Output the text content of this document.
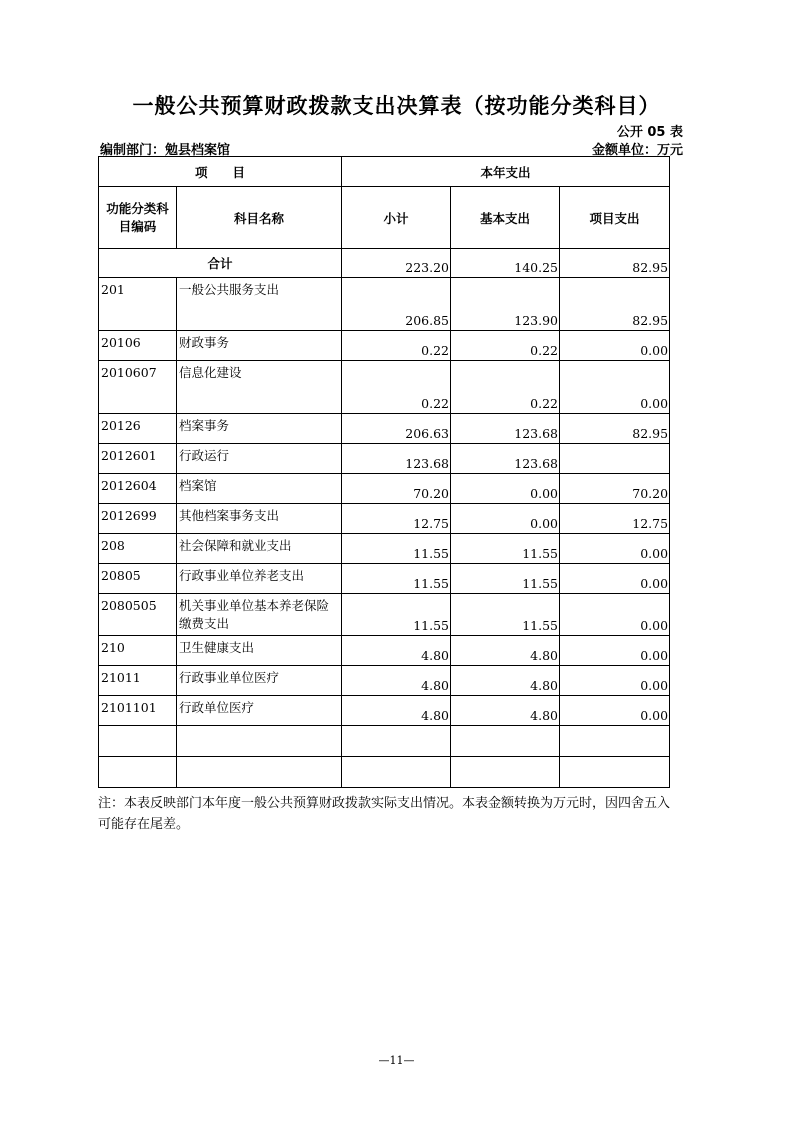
一般公共预算财政拨款支出决算表（按功能分类科目）
公开 05 表
编制部门：勉县档案馆	金额单位：万元
项　　目		本年支出		
功能分类科目编码	科目名称	小计	基本支出	项目支出
合计		223.20	140.25	82.95
201	一般公共服务支出	206.85	123.90	82.95
20106	财政事务	0.22	0.22	0.00
2010607	信息化建设	0.22	0.22	0.00
20126	档案事务	206.63	123.68	82.95
2012601	行政运行	123.68	123.68	
2012604	档案馆	70.20	0.00	70.20
2012699	其他档案事务支出	12.75	0.00	12.75
208	社会保障和就业支出	11.55	11.55	0.00
20805	行政事业单位养老支出	11.55	11.55	0.00
2080505	机关事业单位基本养老保险缴费支出	11.55	11.55	0.00
210	卫生健康支出	4.80	4.80	0.00
21011	行政事业单位医疗	4.80	4.80	0.00
2101101	行政单位医疗	4.80	4.80	0.00

注：本表反映部门本年度一般公共预算财政拨款实际支出情况。本表金额转换为万元时，因四舍五入可能存在尾差。
—11—
